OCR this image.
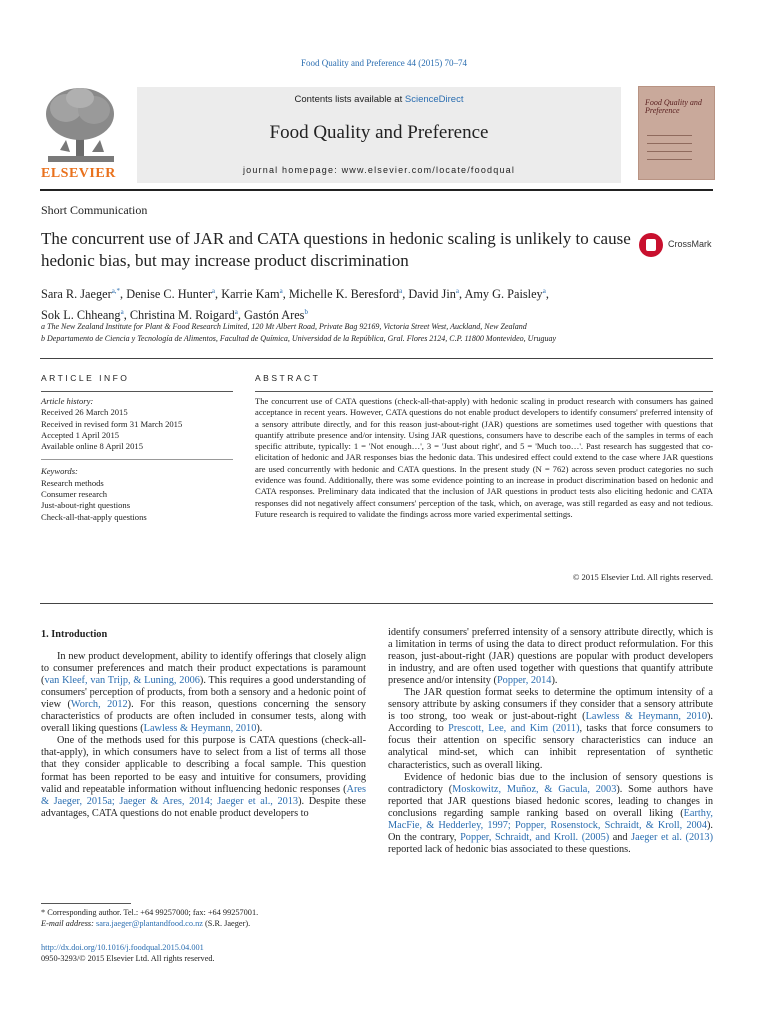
Food Quality and Preference 44 (2015) 70–74
ELSEVIER
Contents lists available at ScienceDirect
Food Quality and Preference
journal homepage: www.elsevier.com/locate/foodqual
Food Quality and Preference
Short Communication
The concurrent use of JAR and CATA questions in hedonic scaling is unlikely to cause hedonic bias, but may increase product discrimination
CrossMark
Sara R. Jaeger$^{a,*}$, Denise C. Hunter$^a$, Karrie Kam$^a$, Michelle K. Beresford$^a$, David Jin$^a$, Amy G. Paisley$^a$,
Sok L. Chheang$^a$, Christina M. Roigard$^a$, Gastón Ares$^b$
a The New Zealand Institute for Plant & Food Research Limited, 120 Mt Albert Road, Private Bag 92169, Victoria Street West, Auckland, New Zealand
b Departamento de Ciencia y Tecnología de Alimentos, Facultad de Química, Universidad de la República, Gral. Flores 2124, C.P. 11800 Montevideo, Uruguay
ARTICLE INFO	ABSTRACT
Article history:
Received 26 March 2015
Received in revised form 31 March 2015
Accepted 1 April 2015
Available online 8 April 2015
Keywords:
Research methods
Consumer research
Just-about-right questions
Check-all-that-apply questions
The concurrent use of CATA questions (check-all-that-apply) with hedonic scaling in product research with consumers has gained acceptance in recent years. However, CATA questions do not enable product developers to identify consumers' preferred intensity of a sensory attribute directly, and for this reason just-about-right (JAR) questions are sometimes used together with questions that quantify attribute presence and/or intensity. Using JAR questions, consumers have to describe each of the samples in terms of each specific attribute, typically: 1 = 'Not enough…', 3 = 'Just about right', and 5 = 'Much too…'. Past research has suggested that co-elicitation of hedonic and JAR responses bias the hedonic data. This undesired effect could extend to the case where JAR questions are used concurrently with hedonic and CATA questions. In the present study (N = 762) across seven product categories no such evidence was found. Additionally, there was some evidence pointing to an increase in product discrimination based on hedonic and CATA responses. Preliminary data indicated that the inclusion of JAR questions in product tests also eliciting hedonic and CATA responses did not negatively affect consumers' perception of the task, which, on average, was still regarded as easy and not tedious. Future research is required to validate the findings across more varied experimental settings.
© 2015 Elsevier Ltd. All rights reserved.
1. Introduction

In new product development, ability to identify offerings that closely align to consumer preferences and match their product expectations is paramount (van Kleef, van Trijp, & Luning, 2006). This requires a good understanding of consumers' perception of products, from both a sensory and a hedonic point of view (Worch, 2012). For this reason, questions concerning the sensory characteristics of products are often included in consumer tests, along with overall liking questions (Lawless & Heymann, 2010).

One of the methods used for this purpose is CATA questions (check-all-that-apply), in which consumers have to select from a list of terms all those that they consider applicable to describing a focal sample. This question format has been reported to be easy and intuitive for consumers, providing valid and repeatable information without influencing hedonic responses (Ares & Jaeger, 2015a; Jaeger & Ares, 2014; Jaeger et al., 2013). Despite these advantages, CATA questions do not enable product developers to

identify consumers' preferred intensity of a sensory attribute directly, which is a limitation in terms of using the data to direct product reformulation. For this reason, just-about-right (JAR) questions are popular with product developers in industry, and are often used together with questions that quantify attribute presence and/or intensity (Popper, 2014).

The JAR question format seeks to determine the optimum intensity of a sensory attribute by asking consumers if they consider that a sensory attribute is too strong, too weak or just-about-right (Lawless & Heymann, 2010). According to Prescott, Lee, and Kim (2011), tasks that force consumers to focus their attention on specific sensory characteristics can induce an analytical mind-set, which can inhibit representation of synthetic characteristics, such as overall liking.

Evidence of hedonic bias due to the inclusion of sensory questions is contradictory (Moskowitz, Muñoz, & Gacula, 2003). Some authors have reported that JAR questions biased hedonic scores, leading to changes in conclusions regarding sample ranking based on overall liking (Earthy, MacFie, & Hedderley, 1997; Popper, Rosenstock, Schraidt, & Kroll, 2004). On the contrary, Popper, Schraidt, and Kroll. (2005) and Jaeger et al. (2013) reported lack of hedonic bias associated to these questions.

* Corresponding author. Tel.: +64 99257000; fax: +64 99257001.
E-mail address: sara.jaeger@plantandfood.co.nz (S.R. Jaeger).
http://dx.doi.org/10.1016/j.foodqual.2015.04.001
0950-3293/© 2015 Elsevier Ltd. All rights reserved.
